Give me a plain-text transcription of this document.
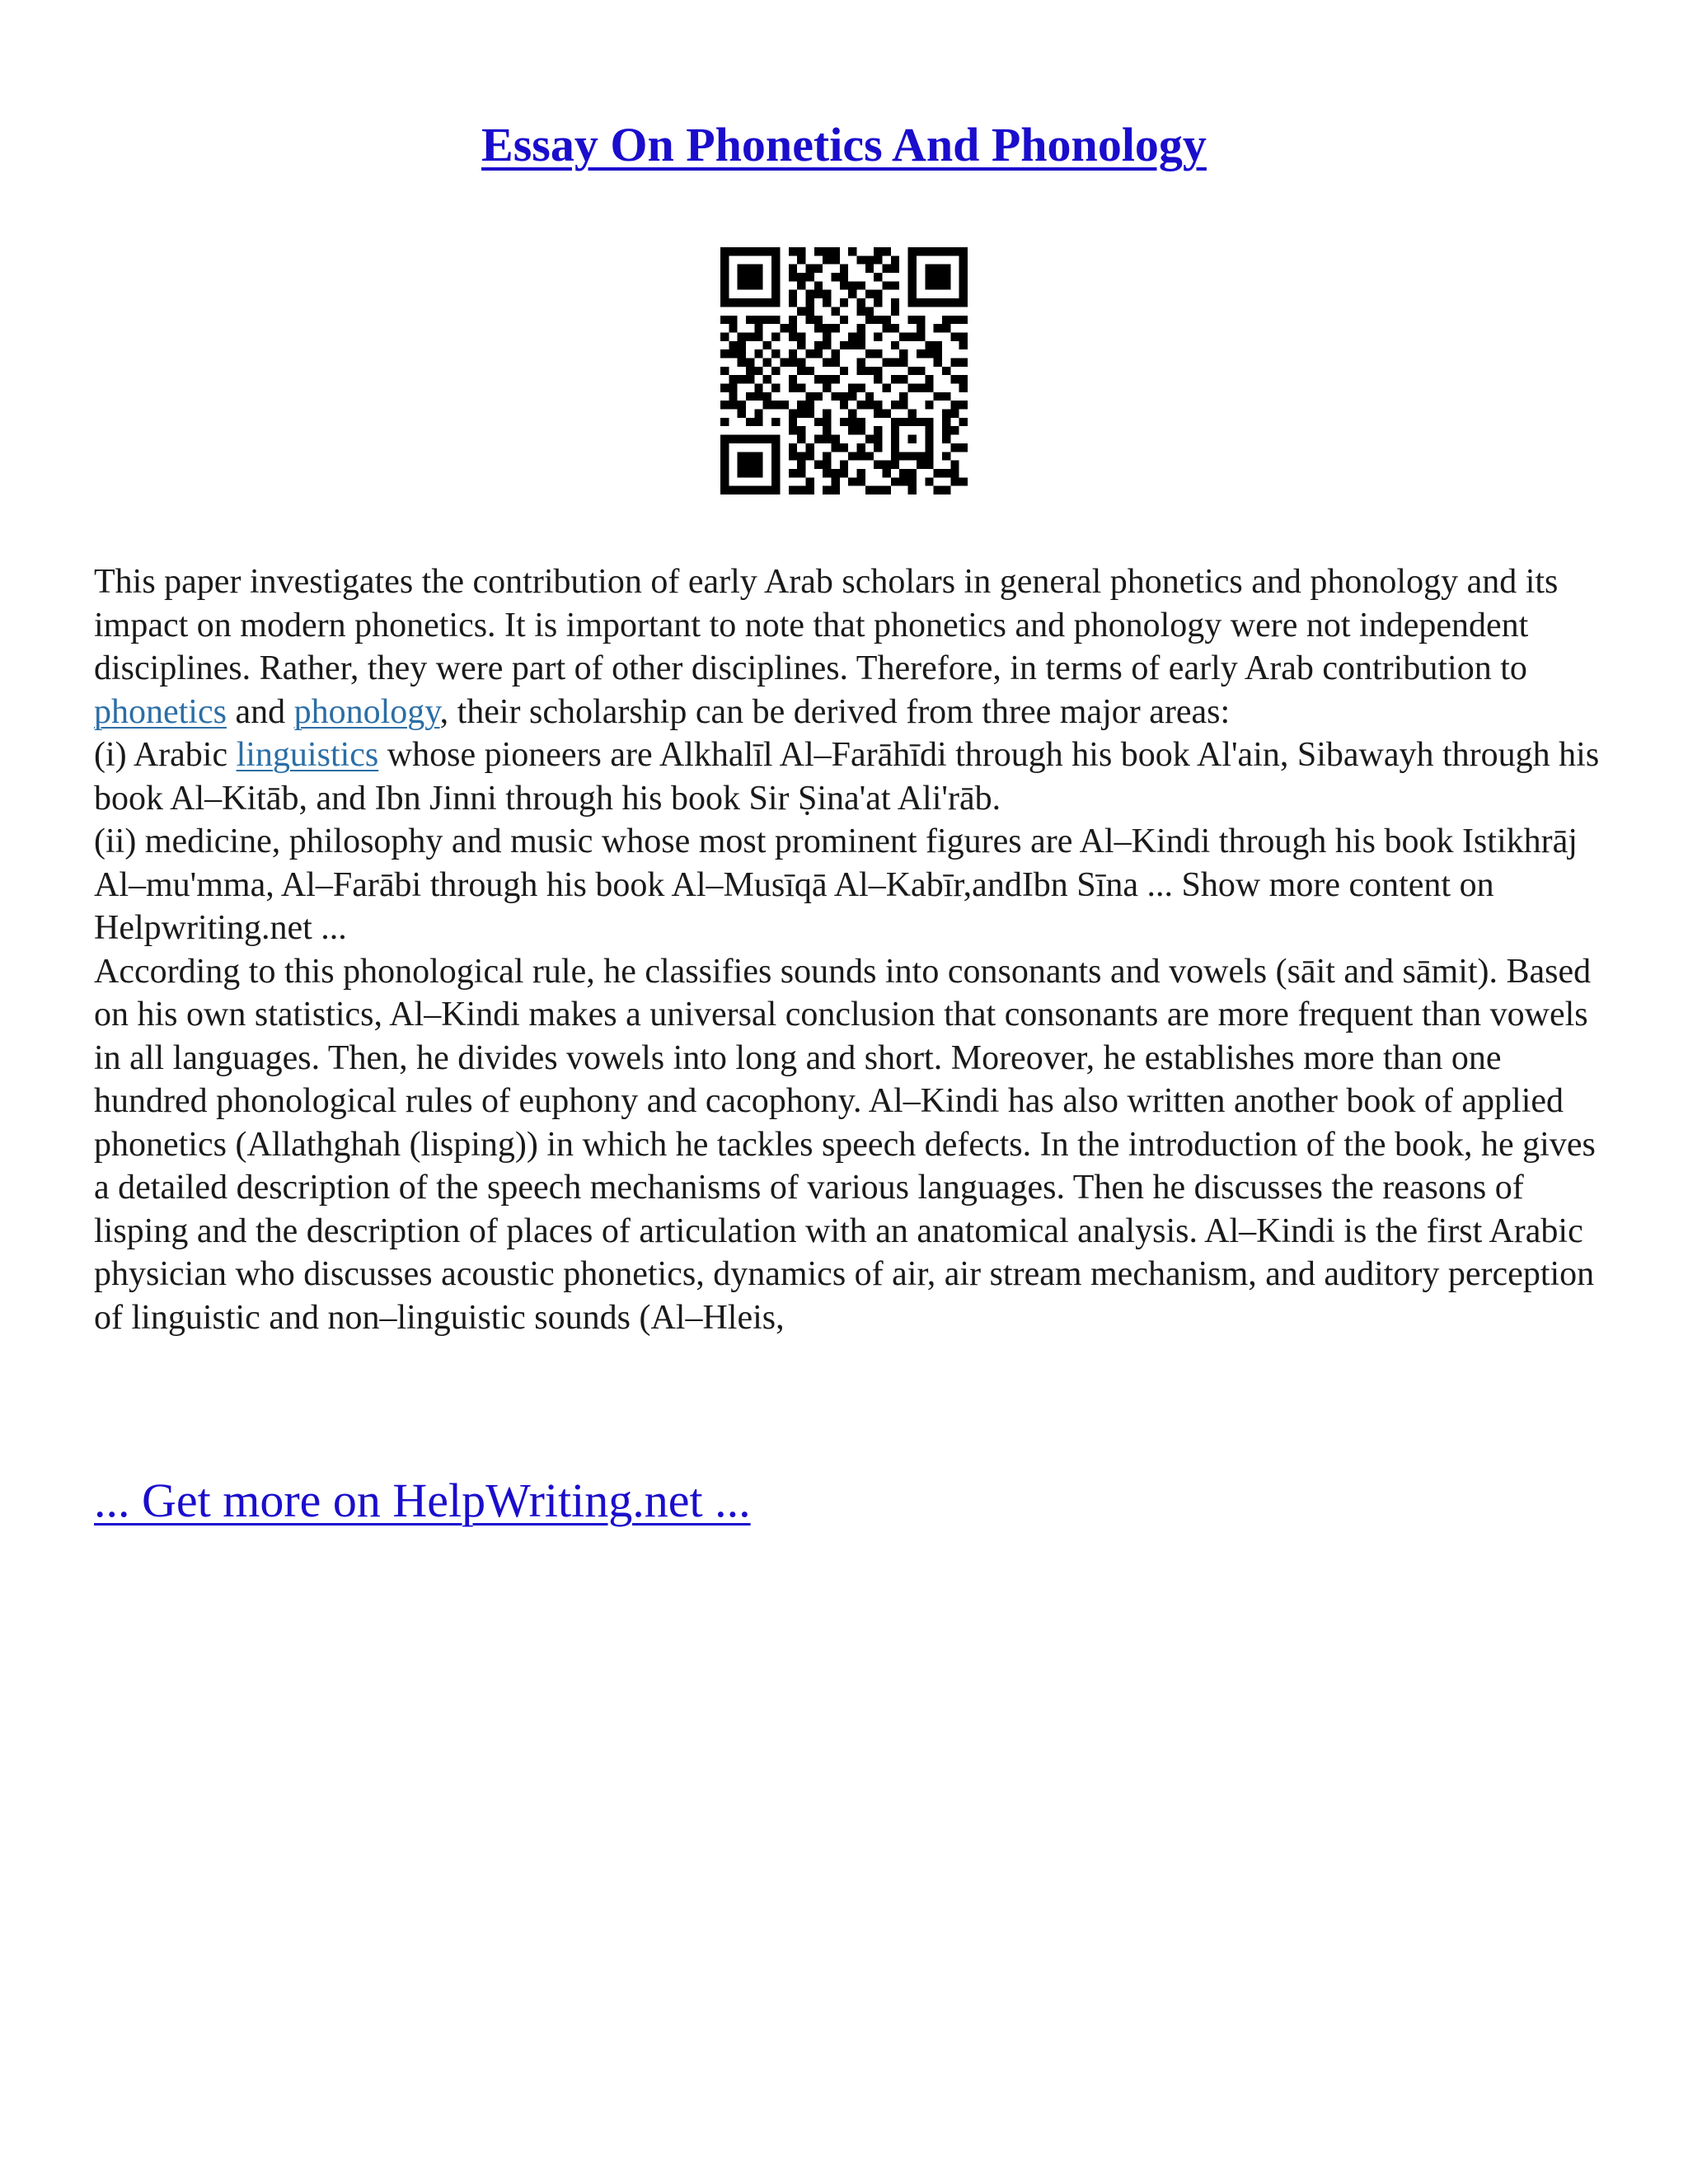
Essay On Phonetics And Phonology

This paper investigates the contribution of early Arab scholars in general phonetics and phonology and its impact on modern phonetics. It is important to note that phonetics and phonology were not independent disciplines. Rather, they were part of other disciplines. Therefore, in terms of early Arab contribution to phonetics and phonology, their scholarship can be derived from three major areas:

(i) Arabic linguistics whose pioneers are Alkhalīl Al–Farāhīdi through his book Al'ain, Sibawayh through his book Al–Kitāb, and Ibn Jinni through his book Sir Ṣina'at Ali'rāb.

(ii) medicine, philosophy and music whose most prominent figures are Al–Kindi through his book Istikhrāj Al–mu'mma, Al–Farābi through his book Al–Musīqā Al–Kabīr,andIbn Sīna ... Show more content on Helpwriting.net ...

According to this phonological rule, he classifies sounds into consonants and vowels (sāit and sāmit). Based on his own statistics, Al–Kindi makes a universal conclusion that consonants are more frequent than vowels in all languages. Then, he divides vowels into long and short. Moreover, he establishes more than one hundred phonological rules of euphony and cacophony. Al–Kindi has also written another book of applied phonetics (Allathghah (lisping)) in which he tackles speech defects. In the introduction of the book, he gives a detailed description of the speech mechanisms of various languages. Then he discusses the reasons of lisping and the description of places of articulation with an anatomical analysis. Al–Kindi is the first Arabic physician who discusses acoustic phonetics, dynamics of air, air stream mechanism, and auditory perception of linguistic and non–linguistic sounds (Al–Hleis,

... Get more on HelpWriting.net ...
